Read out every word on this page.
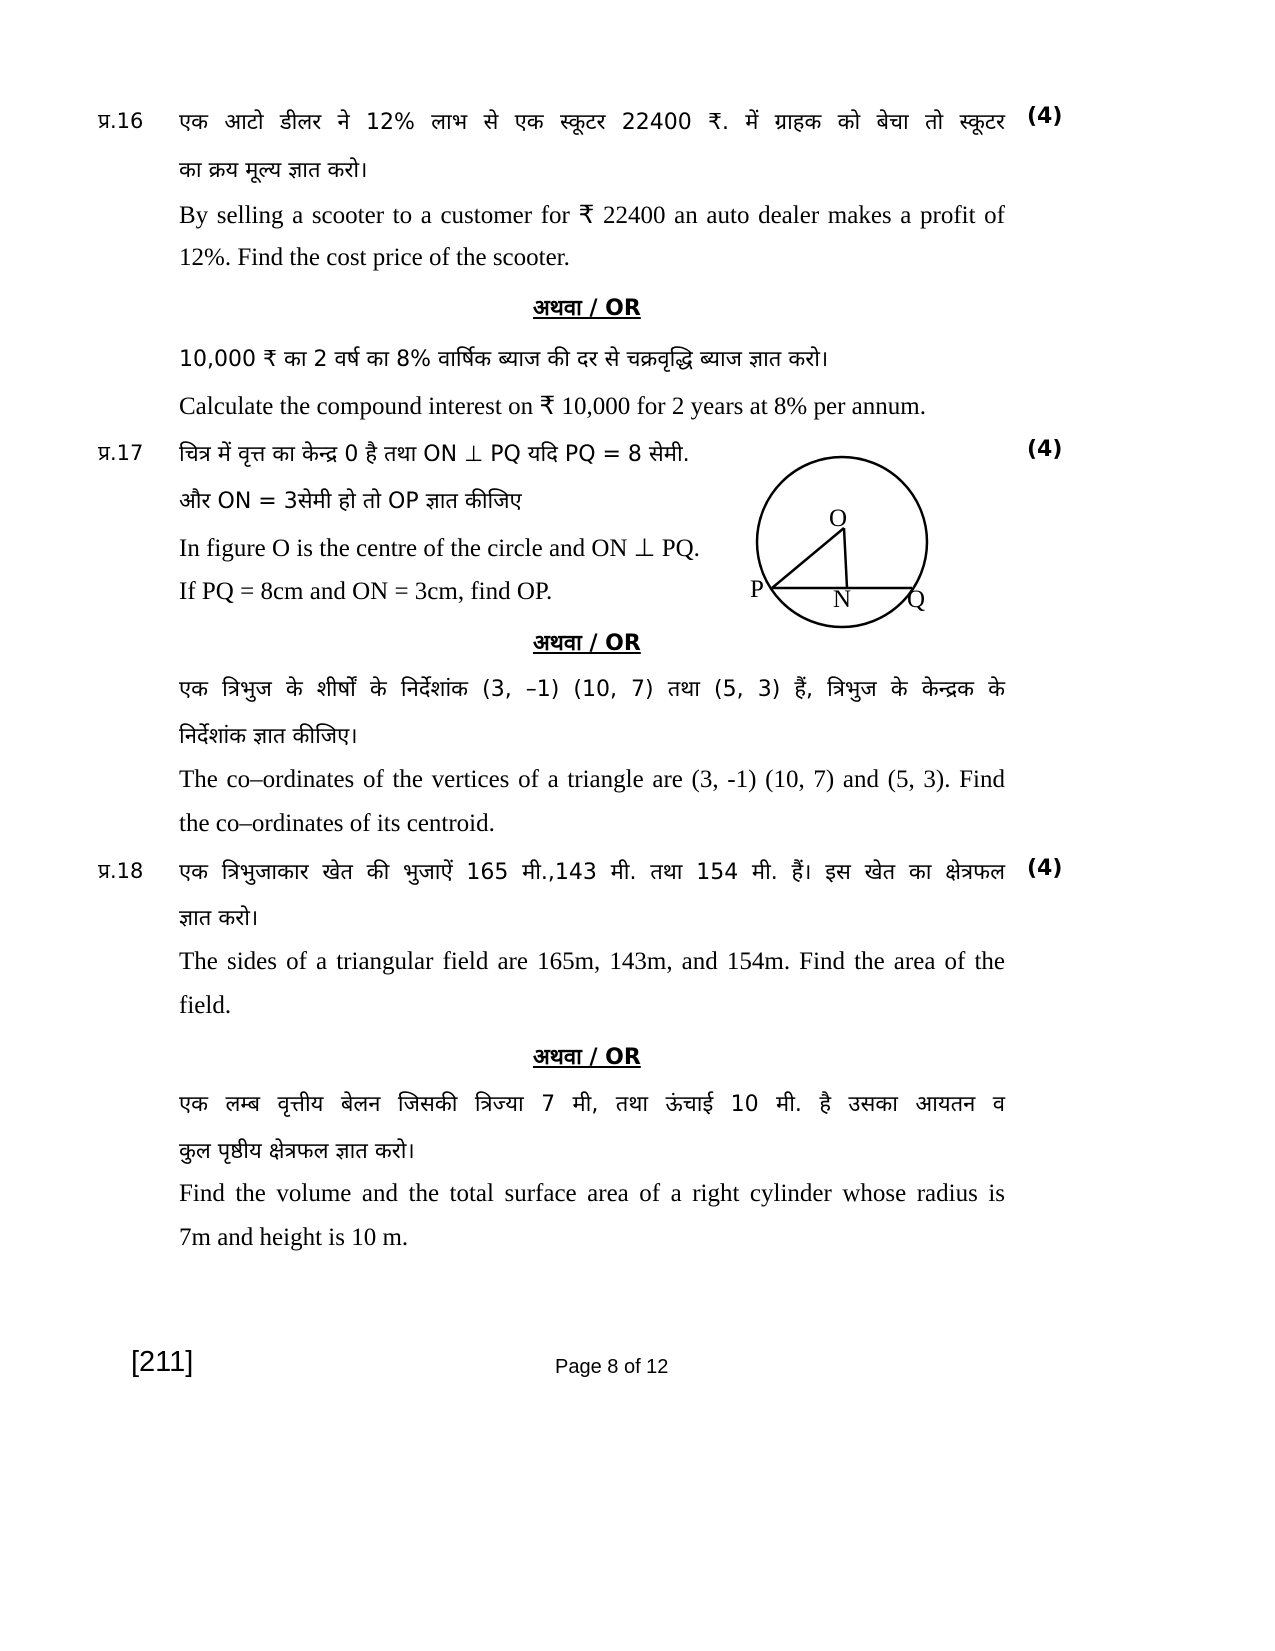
प्र.16	(4)
एक आटो डीलर ने 12% लाभ से एक स्कूटर 22400 ₹. में ग्राहक को बेचा तो स्कूटर
का क्रय मूल्य ज्ञात करो।
By selling a scooter to a customer for ₹ 22400 an auto dealer makes a profit of
12%. Find the cost price of the scooter.
अथवा / OR
10,000 ₹ का 2 वर्ष का 8% वार्षिक ब्याज की दर से चक्रवृद्धि ब्याज ज्ञात करो।
Calculate the compound interest on ₹ 10,000 for 2 years at 8% per annum.
प्र.17	(4)
चित्र में वृत्त का केन्द्र 0 है तथा ON ⊥ PQ यदि PQ = 8 सेमी.
और ON = 3सेमी हो तो OP ज्ञात कीजिए
In figure O is the centre of the circle and ON ⊥ PQ.
If PQ = 8cm and ON = 3cm, find OP.
O
P	N Q
अथवा / OR
एक त्रिभुज के शीर्षों के निर्देशांक (3, –1) (10, 7) तथा (5, 3) हैं, त्रिभुज के केन्द्रक के
निर्देशांक ज्ञात कीजिए।
The co–ordinates of the vertices of a triangle are (3, -1) (10, 7) and (5, 3). Find
the co–ordinates of its centroid.
प्र.18	(4)
एक त्रिभुजाकार खेत की भुजाऐं 165 मी.,143 मी. तथा 154 मी. हैं। इस खेत का क्षेत्रफल
ज्ञात करो।
The sides of a triangular field are 165m, 143m, and 154m. Find the area of the
field.
अथवा / OR
एक लम्ब वृत्तीय बेलन जिसकी त्रिज्या 7 मी, तथा ऊंचाई 10 मी. है उसका आयतन व
कुल पृष्ठीय क्षेत्रफल ज्ञात करो।
Find the volume and the total surface area of a right cylinder whose radius is
7m and height is 10 m.
[211]	Page 8 of 12
